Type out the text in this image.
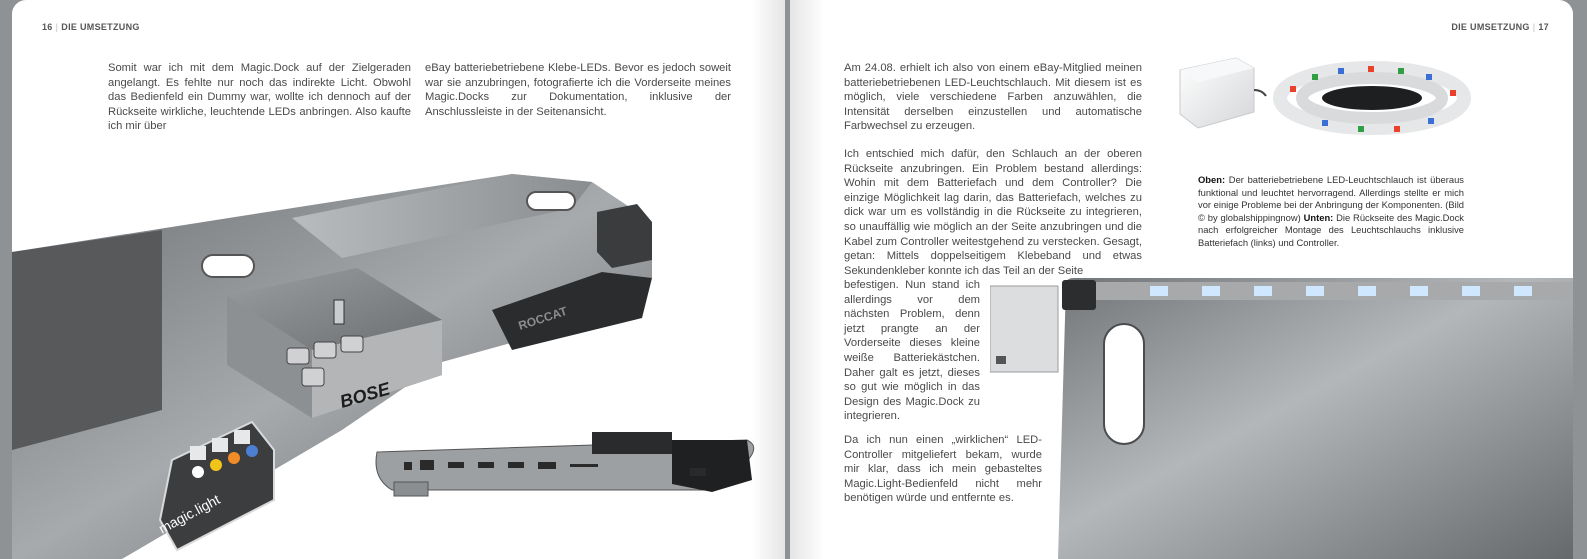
16 | DIE UMSETZUNG

Somit war ich mit dem Magic.Dock auf der Zielgeraden angelangt. Es fehlte nur noch das indirekte Licht. Obwohl das Bedienfeld ein Dummy war, wollte ich dennoch auf der Rückseite wirkliche, leuchtende LEDs anbringen. Also kaufte ich mir über

eBay batteriebetriebene Klebe-LEDs. Bevor es jedoch soweit war sie anzubringen, fotografierte ich die Vorderseite meines Magic.Docks zur Dokumentation, inklusive der Anschlussleiste in der Seitenansicht.

ROCCAT
BOSE
magic.light
DIE UMSETZUNG | 17

Am 24.08. erhielt ich also von einem eBay-Mitglied meinen batteriebetriebenen LED-Leuchtschlauch. Mit diesem ist es möglich, viele verschiedene Farben anzuwählen, die Intensität derselben einzustellen und automatische Farbwechsel zu erzeugen.

Ich entschied mich dafür, den Schlauch an der oberen Rückseite anzubringen. Ein Problem bestand allerdings: Wohin mit dem Batteriefach und dem Controller? Die einzige Möglichkeit lag darin, das Batteriefach, welches zu dick war um es vollständig in die Rückseite zu integrieren, so unauffällig wie möglich an der Seite anzubringen und die Kabel zum Controller weitestgehend zu verstecken. Gesagt, getan: Mittels doppelseitigem Klebeband und etwas Sekundenkleber konnte ich das Teil an der Seite

befestigen. Nun stand ich allerdings vor dem nächsten Problem, denn jetzt prangte an der Vorderseite dieses kleine weiße Batteriekästchen. Daher galt es jetzt, dieses so gut wie möglich in das Design des Magic.Dock zu integrieren.

Da ich nun einen „wirklichen“ LED-Controller mitgeliefert bekam, wurde mir klar, dass ich mein gebasteltes Magic.Light-Bedienfeld nicht mehr benötigen würde und entfernte es.

Oben: Der batteriebetriebene LED-Leuchtschlauch ist überaus funktional und leuchtet hervorragend. Allerdings stellte er mich vor einige Probleme bei der Anbringung der Komponenten. (Bild © by globalshippingnow) Unten: Die Rückseite des Magic.Dock nach erfolgreicher Montage des Leuchtschlauchs inklusive Batteriefach (links) und Controller.
